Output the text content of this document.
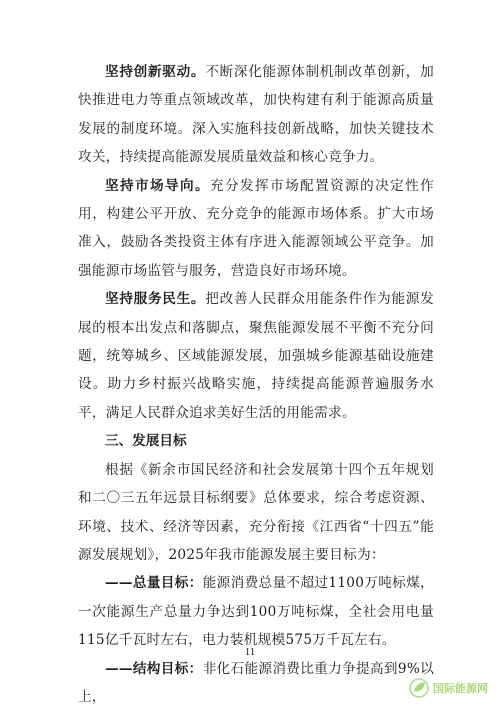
坚持创新驱动。不断深化能源体制机制改革创新，加快推进电力等重点领域改革，加快构建有利于能源高质量发展的制度环境。深入实施科技创新战略，加快关键技术攻关，持续提高能源发展质量效益和核心竞争力。

坚持市场导向。充分发挥市场配置资源的决定性作用，构建公平开放、充分竞争的能源市场体系。扩大市场准入，鼓励各类投资主体有序进入能源领域公平竞争。加强能源市场监管与服务，营造良好市场环境。

坚持服务民生。把改善人民群众用能条件作为能源发展的根本出发点和落脚点，聚焦能源发展不平衡不充分问题，统筹城乡、区域能源发展，加强城乡能源基础设施建设。助力乡村振兴战略实施，持续提高能源普遍服务水平，满足人民群众追求美好生活的用能需求。

三、发展目标

根据《新余市国民经济和社会发展第十四个五年规划和二〇三五年远景目标纲要》总体要求，综合考虑资源、环境、技术、经济等因素，充分衔接《江西省“十四五”能源发展规划》，2025年我市能源发展主要目标为：

——总量目标：能源消费总量不超过1100万吨标煤，一次能源生产总量力争达到100万吨标煤，全社会用电量115亿千瓦时左右，电力装机规模575万千瓦左右。

——结构目标：非化石能源消费比重力争提高到9%以上，

11
国际能源网
